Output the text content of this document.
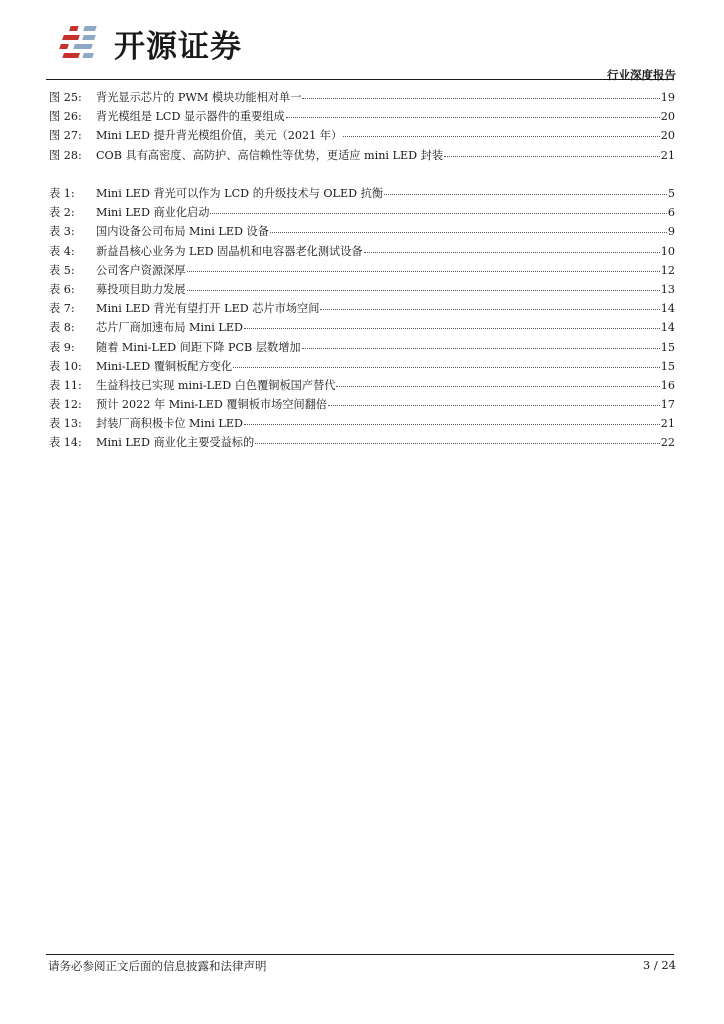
开源证券
行业深度报告
图 25:	背光显示芯片的 PWM 模块功能相对单一	19
图 26:	背光模组是 LCD 显示器件的重要组成	20
图 27:	Mini LED 提升背光模组价值，美元（2021 年）	20
图 28:	COB 具有高密度、高防护、高信赖性等优势，更适应 mini LED 封装	21
表 1:	Mini LED 背光可以作为 LCD 的升级技术与 OLED 抗衡	5
表 2:	Mini LED 商业化启动	6
表 3:	国内设备公司布局 Mini LED 设备	9
表 4:	新益昌核心业务为 LED 固晶机和电容器老化测试设备	10
表 5:	公司客户资源深厚	12
表 6:	募投项目助力发展	13
表 7:	Mini LED 背光有望打开 LED 芯片市场空间	14
表 8:	芯片厂商加速布局 Mini LED	14
表 9:	随着 Mini-LED 间距下降 PCB 层数增加	15
表 10:	Mini-LED 覆铜板配方变化	15
表 11:	生益科技已实现 mini-LED 白色覆铜板国产替代	16
表 12:	预计 2022 年 Mini-LED 覆铜板市场空间翻倍	17
表 13:	封装厂商积极卡位 Mini LED	21
表 14:	Mini LED 商业化主要受益标的	22
请务必参阅正文后面的信息披露和法律声明	3 / 24
